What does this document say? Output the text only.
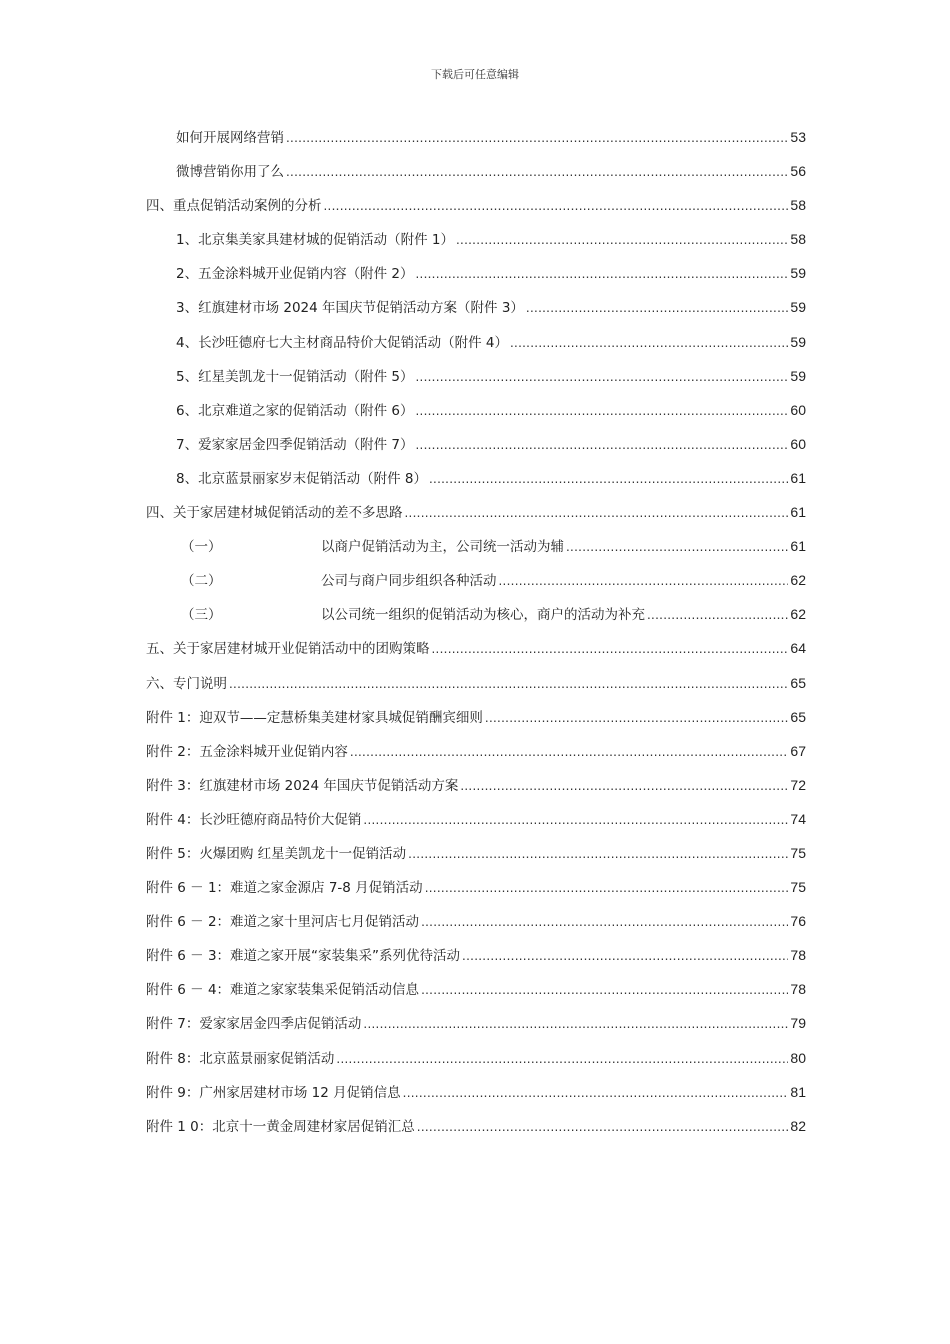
下载后可任意编辑
如何开展网络营销 .....	53
微博营销你用了么 .....	56
四、重点促销活动案例的分析 .....	58
1、北京集美家具建材城的促销活动（附件 1） .....	58
2、五金涂料城开业促销内容（附件 2） .....	59
3、红旗建材市场 2024 年国庆节促销活动方案（附件 3） .....	59
4、长沙旺德府七大主材商品特价大促销活动（附件 4） .....	59
5、红星美凯龙十一促销活动（附件 5） .....	59
6、北京难道之家的促销活动（附件 6） .....	60
7、爱家家居金四季促销活动（附件 7） .....	60
8、北京蓝景丽家岁末促销活动（附件 8） .....	61
四、关于家居建材城促销活动的差不多思路 .....	61
（一）	以商户促销活动为主，公司统一活动为辅 .....	61
（二）	公司与商户同步组织各种活动 .....	62
（三）	以公司统一组织的促销活动为核心，商户的活动为补充 .....	62
五、关于家居建材城开业促销活动中的团购策略 .....	64
六、专门说明 .....	65
附件 1：迎双节——定慧桥集美建材家具城促销酬宾细则 .....	65
附件 2：五金涂料城开业促销内容 .....	67
附件 3：红旗建材市场 2024 年国庆节促销活动方案 .....	72
附件 4：长沙旺德府商品特价大促销 .....	74
附件 5：火爆团购 红星美凯龙十一促销活动 .....	75
附件 6 － 1：难道之家金源店 7-8 月促销活动 .....	75
附件 6 － 2：难道之家十里河店七月促销活动 .....	76
附件 6 － 3：难道之家开展“家装集采”系列优待活动 .....	78
附件 6 － 4：难道之家家装集采促销活动信息 .....	78
附件 7：爱家家居金四季店促销活动 .....	79
附件 8：北京蓝景丽家促销活动 .....	80
附件 9：广州家居建材市场 12 月促销信息 .....	81
附件 1 0：北京十一黄金周建材家居促销汇总 .....	82
